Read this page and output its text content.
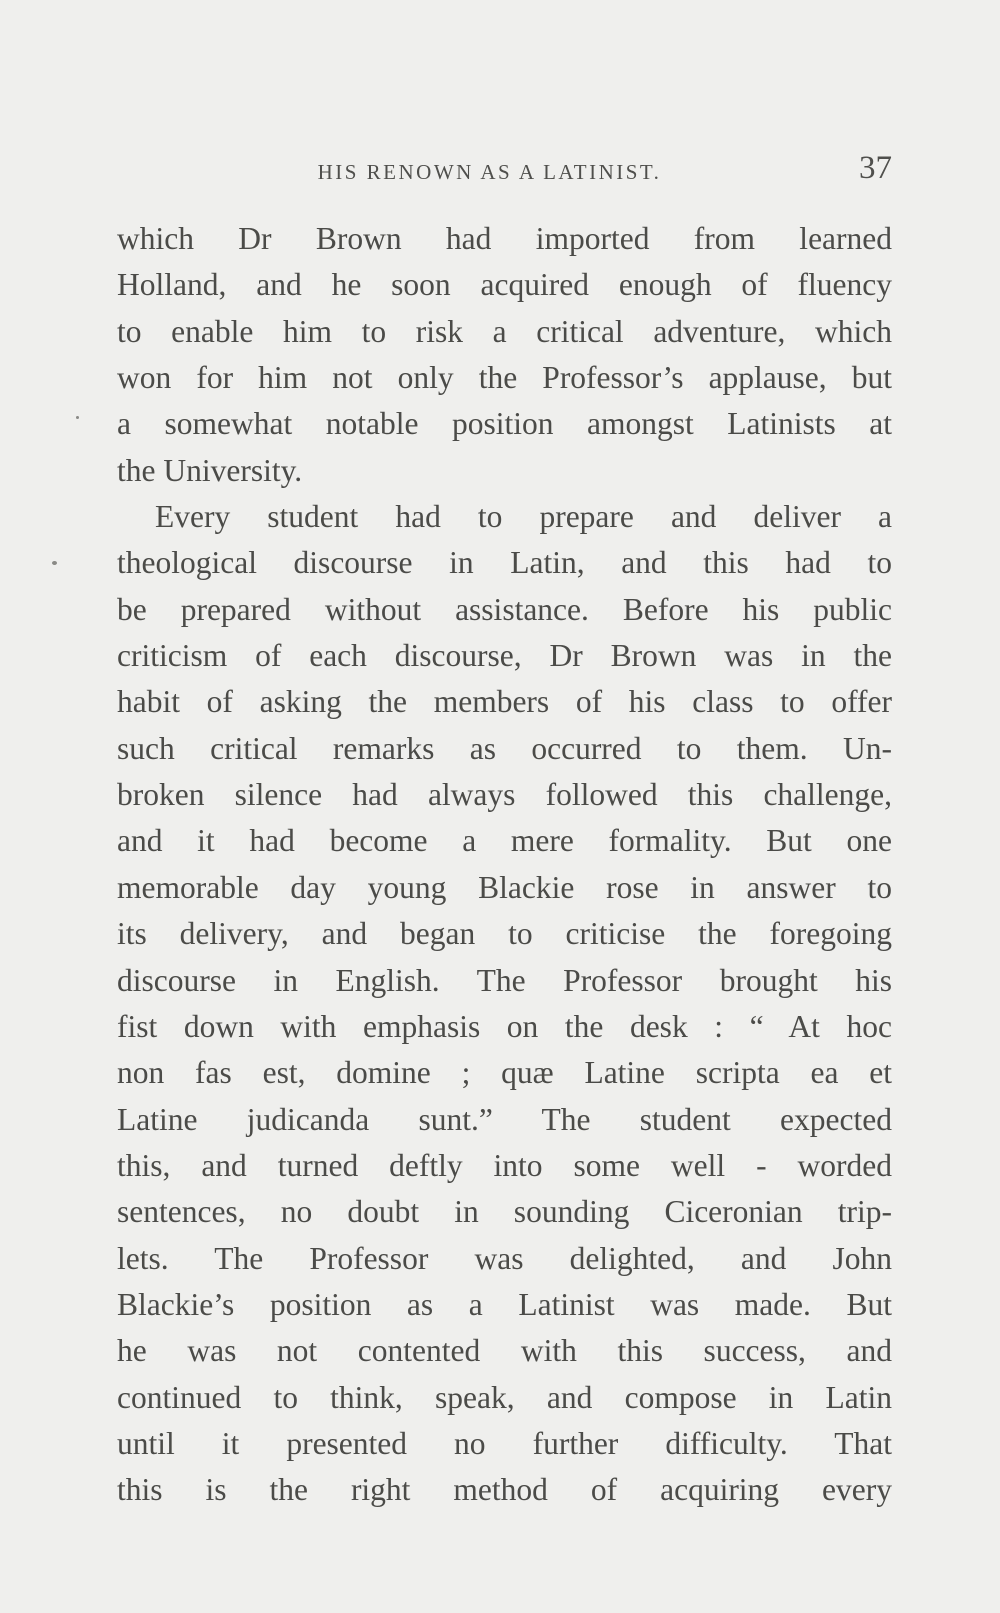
HIS RENOWN AS A LATINIST.	37
which Dr Brown had imported from learned
Holland, and he soon acquired enough of fluency
to enable him to risk a critical adventure, which
won for him not only the Professor’s applause, but
a somewhat notable position amongst Latinists at
the University.
Every student had to prepare and deliver a
theological discourse in Latin, and this had to
be prepared without assistance. Before his public
criticism of each discourse, Dr Brown was in the
habit of asking the members of his class to offer
such critical remarks as occurred to them. Un-
broken silence had always followed this challenge,
and it had become a mere formality. But one
memorable day young Blackie rose in answer to
its delivery, and began to criticise the foregoing
discourse in English. The Professor brought his
fist down with emphasis on the desk : “ At hoc
non fas est, domine ; quæ Latine scripta ea et
Latine judicanda sunt.” The student expected
this, and turned deftly into some well - worded
sentences, no doubt in sounding Ciceronian trip-
lets. The Professor was delighted, and John
Blackie’s position as a Latinist was made. But
he was not contented with this success, and
continued to think, speak, and compose in Latin
until it presented no further difficulty. That
this is the right method of acquiring every
